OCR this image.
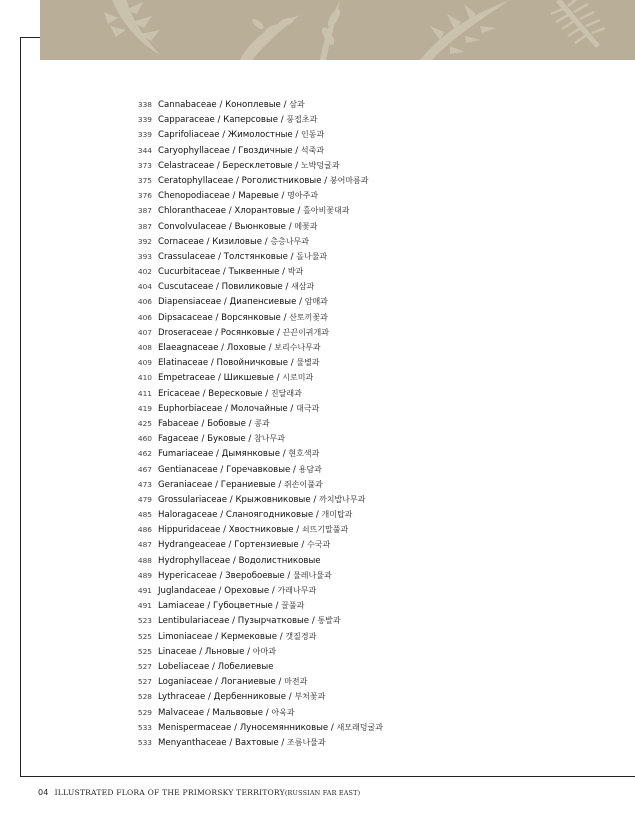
338 Cannabaceae / Коноплевые / 삼과
339 Capparaceae / Каперсовые / 풍접초과
339 Caprifoliaceae / Жимолостные / 인동과
344 Caryophyllaceae / Гвоздичные / 석죽과
373 Celastraceae / Бересклетовые / 노박덩굴과
375 Ceratophyllaceae / Роголистниковые / 붕어마름과
376 Chenopodiaceae / Маревые / 명아주과
387 Chloranthaceae / Хлорантовые / 홀아비꽃대과
387 Convolvulaceae / Вьюнковые / 메꽃과
392 Cornaceae / Кизиловые / 층층나무과
393 Crassulaceae / Толстянковые / 돌나물과
402 Cucurbitaceae / Тыквенные / 박과
404 Cuscutaceae / Повиликовые / 새삼과
406 Diapensiaceae / Диапенсиевые / 암매과
406 Dipsacaceae / Ворсянковые / 산토끼꽃과
407 Droseraceae / Росянковые / 끈끈이귀개과
408 Elaeagnaceae / Лоховые / 보리수나무과
409 Elatinaceae / Повойничковые / 물별과
410 Empetraceae / Шикшевые / 시로미과
411 Ericaceae / Вересковые / 진달래과
419 Euphorbiaceae / Молочайные / 대극과
425 Fabaceae / Бобовые / 콩과
460 Fagaceae / Буковые / 참나무과
462 Fumariaceae / Дымянковые / 현호색과
467 Gentianaceae / Горечавковые / 용담과
473 Geraniaceae / Гераниевые / 쥐손이풀과
479 Grossulariaceae / Крыжовниковые / 까치밥나무과
485 Haloragaceae / Сланоягодниковые / 개미탑과
486 Hippuridaceae / Хвостниковые / 쇠뜨기말풀과
487 Hydrangeaceae / Гортензиевые / 수국과
488 Hydrophyllaceae / Водолистниковые
489 Hypericaceae / Зверобоевые / 물레나물과
491 Juglandaceae / Ореховые / 가래나무과
491 Lamiaceae / Губоцветные / 꿀풀과
523 Lentibulariaceae / Пузырчатковые / 통발과
525 Limoniaceae / Кермековые / 갯질경과
525 Linaceae / Льновые / 아마과
527 Lobeliaceae / Лобелиевые
527 Loganiaceae / Логаниевые / 마전과
528 Lythraceae / Дербенниковые / 부처꽃과
529 Malvaceae / Мальвовые / 아욱과
533 Menispermaceae / Луносемянниковые / 새모래덩굴과
533 Menyanthaceae / Вахтовые / 조름나물과
04 ILLUSTRATED FLORA OF THE PRIMORSKY TERRITORY(RUSSIAN FAR EAST)
